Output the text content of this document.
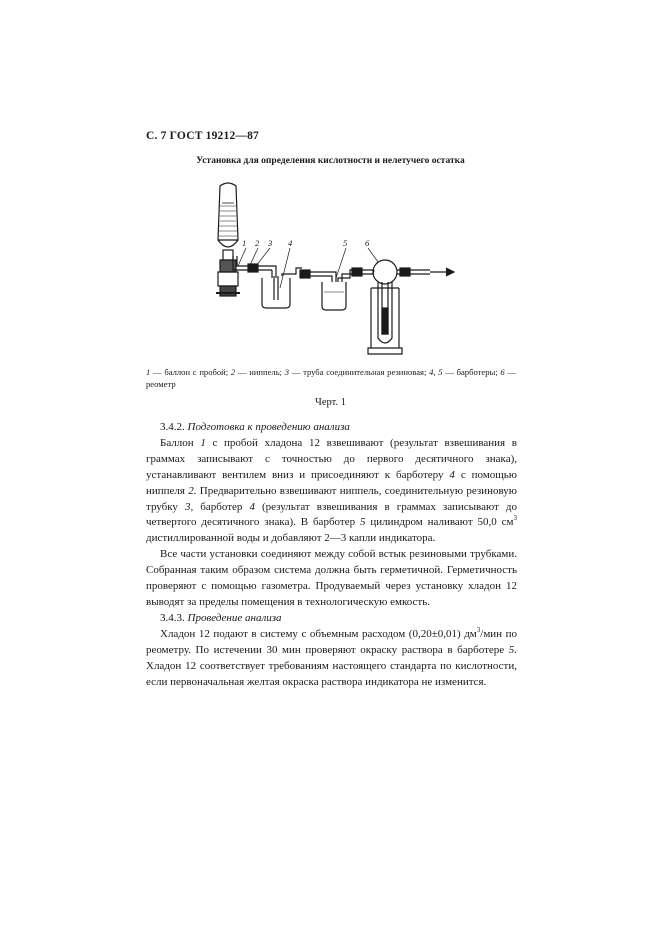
С. 7 ГОСТ 19212—87
Установка для определения кислотности и нелетучего остатка
1 2 3 4	5 6
1 — баллон с пробой; 2 — ниппель; 3 — труба соединительная резиновая; 4, 5 — барботеры; 6 — реометр
Черт. 1

3.4.2. Подготовка к проведению анализа

Баллон 1 с пробой хладона 12 взвешивают (результат взвешивания в граммах записывают с точностью до первого десятичного знака), устанавливают вентилем вниз и присоединяют к барботеру 4 с помощью ниппеля 2. Предварительно взвешивают ниппель, соединительную резиновую трубку 3, барботер 4 (результат взвешивания в граммах записывают до четвертого десятичного знака). В барботер 5 цилиндром наливают 50,0 $см^3$ дистиллированной воды и добавляют 2—3 капли индикатора.

Все части установки соединяют между собой встык резиновыми трубками. Собранная таким образом система должна быть герметичной. Герметичность проверяют с помощью газометра. Продуваемый через установку хладон 12 выводят за пределы помещения в технологическую емкость.

3.4.3. Проведение анализа

Хладон 12 подают в систему с объемным расходом (0,20±0,01) $дм^3$/мин по реометру. По истечении 30 мин проверяют окраску раствора в барботере 5. Хладон 12 соответствует требованиям настоящего стандарта по кислотности, если первоначальная желтая окраска раствора индикатора не изменится.
